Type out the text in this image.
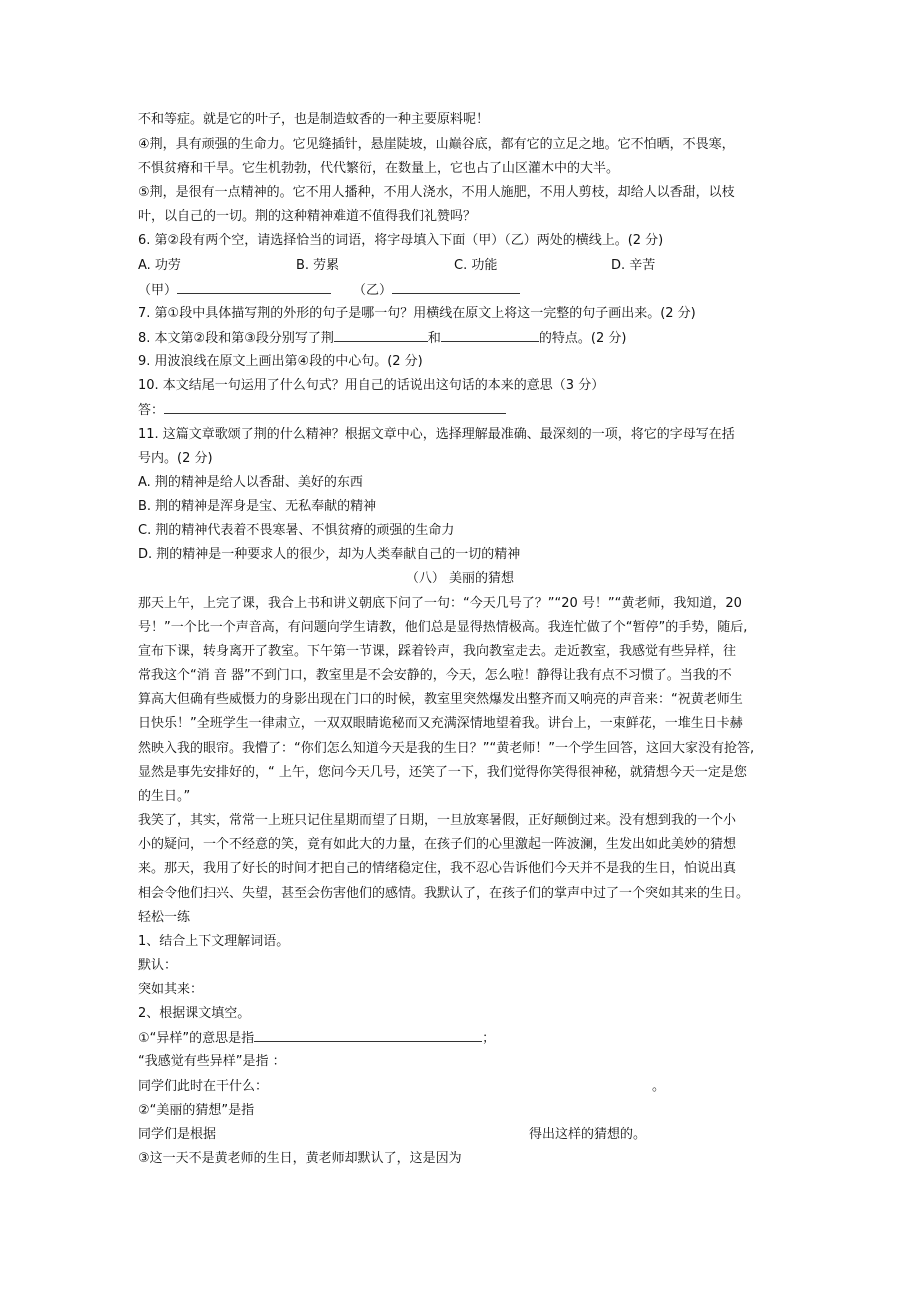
不和等症。就是它的叶子，也是制造蚊香的一种主要原料呢！
④荆，具有顽强的生命力。它见缝插针，悬崖陡坡，山巅谷底，都有它的立足之地。它不怕晒，不畏寒，
不惧贫瘠和干旱。它生机勃勃，代代繁衍，在数量上，它也占了山区灌木中的大半。
⑤荆，是很有一点精神的。它不用人播种，不用人浇水，不用人施肥，不用人剪枝，却给人以香甜，以枝
叶，以自己的一切。荆的这种精神难道不值得我们礼赞吗？
6. 第②段有两个空，请选择恰当的词语，将字母填入下面（甲）（乙）两处的横线上。(2 分)
A. 功劳	B. 劳累	C. 功能	D. 辛苦
（甲）	（乙）
7. 第①段中具体描写荆的外形的句子是哪一句？用横线在原文上将这一完整的句子画出来。(2 分)
8. 本文第②段和第③段分别写了荆	和	的特点。(2 分)
9. 用波浪线在原文上画出第④段的中心句。(2 分)
10. 本文结尾一句运用了什么句式？用自己的话说出这句话的本来的意思（3 分）
答：
11. 这篇文章歌颂了荆的什么精神？根据文章中心，选择理解最准确、最深刻的一项，将它的字母写在括
号内。(2 分)
A. 荆的精神是给人以香甜、美好的东西
B. 荆的精神是浑身是宝、无私奉献的精神
C. 荆的精神代表着不畏寒暑、不惧贫瘠的顽强的生命力
D. 荆的精神是一种要求人的很少，却为人类奉献自己的一切的精神
（八） 美丽的猜想
那天上午，上完了课，我合上书和讲义朝底下问了一句：“今天几号了？”“20 号！”“黄老师，我知道，20
号！”一个比一个声音高，有问题向学生请教，他们总是显得热情极高。我连忙做了个“暂停”的手势，随后,
宣布下课，转身离开了教室。下午第一节课，踩着铃声，我向教室走去。走近教室，我感觉有些异样，往
常我这个“消 音 器”不到门口，教室里是不会安静的，今天，怎么啦！静得让我有点不习惯了。当我的不
算高大但确有些威慑力的身影出现在门口的时候，教室里突然爆发出整齐而又响亮的声音来：“祝黄老师生
日快乐！”全班学生一律肃立，一双双眼睛诡秘而又充满深情地望着我。讲台上，一束鲜花，一堆生日卡赫
然映入我的眼帘。我懵了：“你们怎么知道今天是我的生日？”“黄老师！”一个学生回答，这回大家没有抢答,
显然是事先安排好的，“ 上午，您问今天几号，还笑了一下，我们觉得你笑得很神秘，就猜想今天一定是您
的生日。”
我笑了，其实，常常一上班只记住星期而望了日期，一旦放寒暑假，正好颠倒过来。没有想到我的一个小
小的疑问，一个不经意的笑，竟有如此大的力量，在孩子们的心里激起一阵波澜，生发出如此美妙的猜想
来。那天，我用了好长的时间才把自己的情绪稳定住，我不忍心告诉他们今天并不是我的生日，怕说出真
相会令他们扫兴、失望，甚至会伤害他们的感情。我默认了，在孩子们的掌声中过了一个突如其来的生日。
轻松一练
1、结合上下文理解词语。
默认：
突如其来：
2、根据课文填空。
①“异样”的意思是指	；
“我感觉有些异样”是指 ：
同学们此时在干什么：	。
②“美丽的猜想”是指
同学们是根据	得出这样的猜想的。
③这一天不是黄老师的生日，黄老师却默认了，这是因为
